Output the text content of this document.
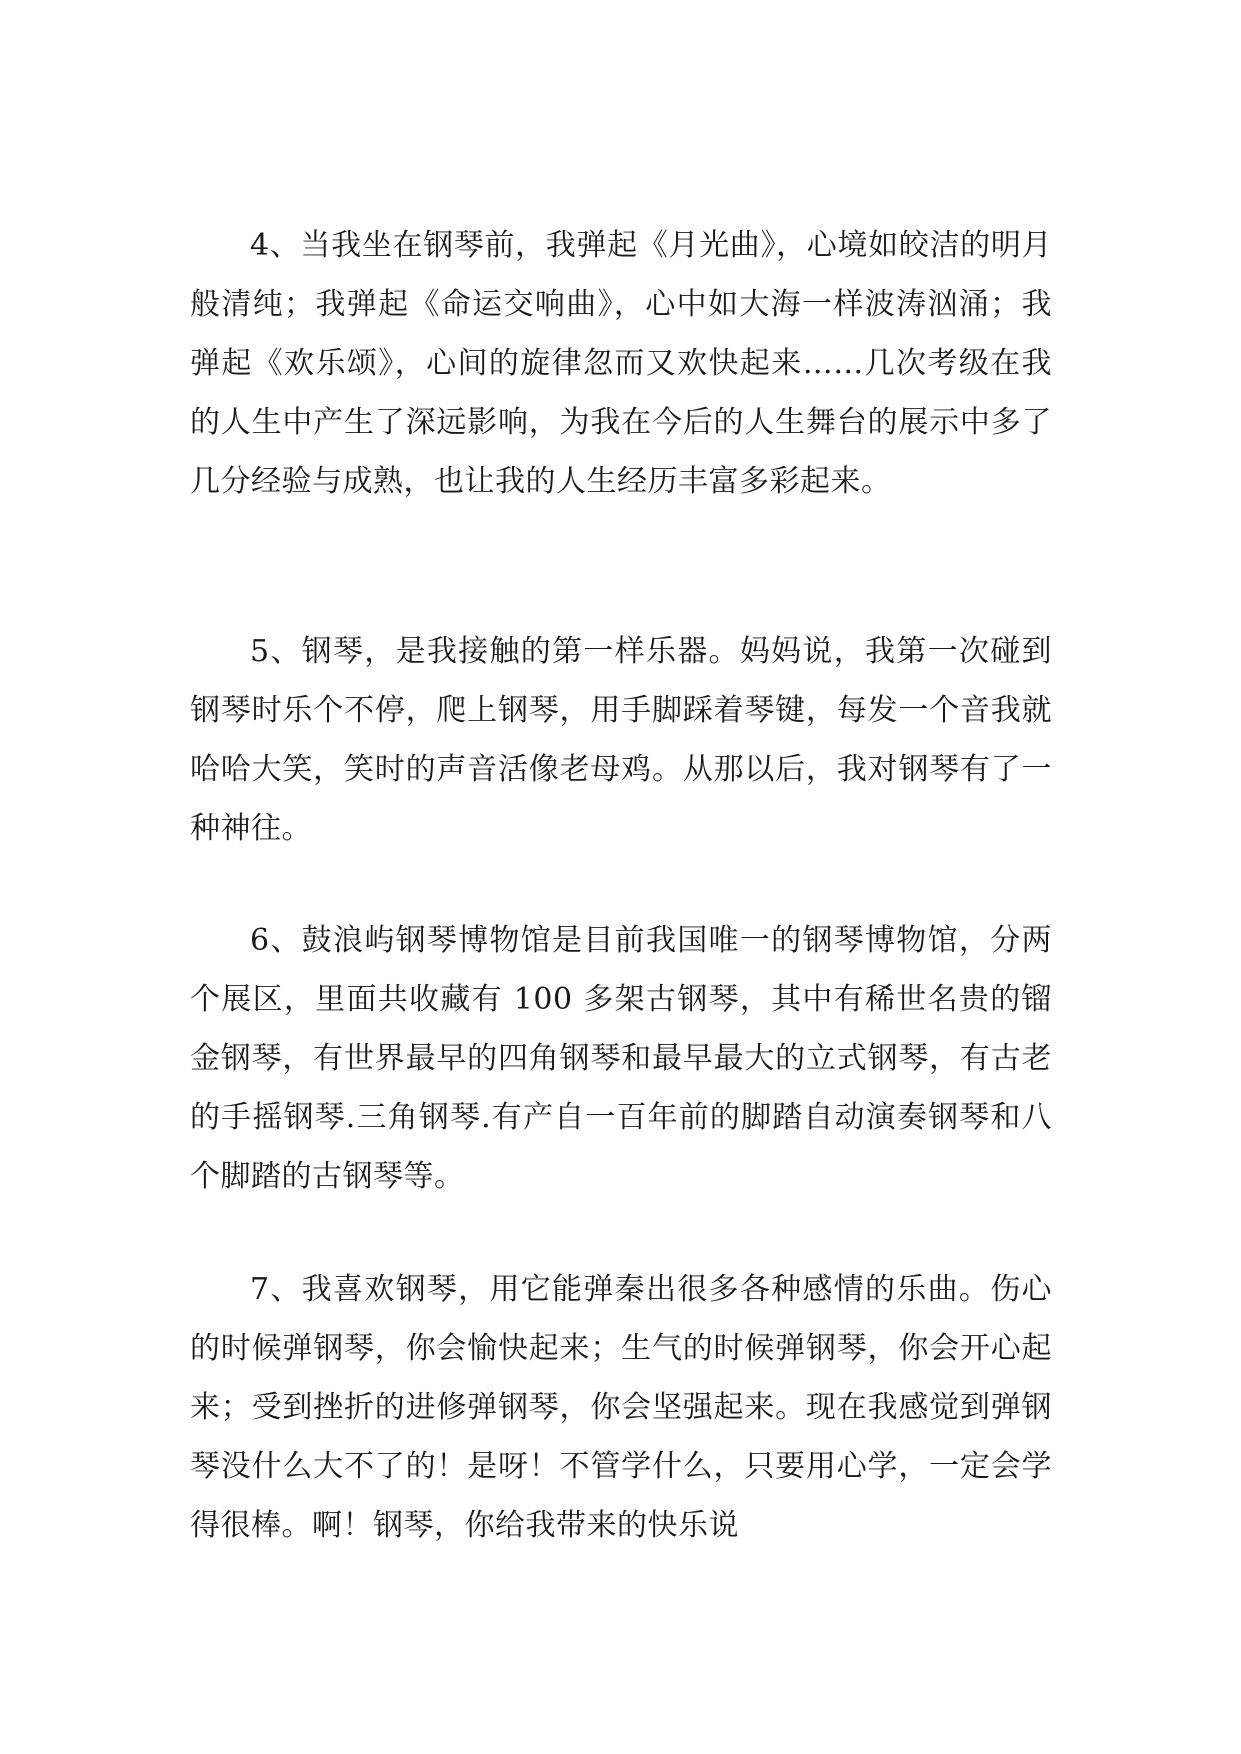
4、当我坐在钢琴前，我弹起《月光曲》，心境如皎洁的明月般清纯；我弹起《命运交响曲》，心中如大海一样波涛汹涌；我弹起《欢乐颂》，心间的旋律忽而又欢快起来……几次考级在我的人生中产生了深远影响，为我在今后的人生舞台的展示中多了几分经验与成熟，也让我的人生经历丰富多彩起来。

5、钢琴，是我接触的第一样乐器。妈妈说，我第一次碰到钢琴时乐个不停，爬上钢琴，用手脚踩着琴键，每发一个音我就哈哈大笑，笑时的声音活像老母鸡。从那以后，我对钢琴有了一种神往。

6、鼓浪屿钢琴博物馆是目前我国唯一的钢琴博物馆，分两个展区，里面共收藏有 100 多架古钢琴，其中有稀世名贵的镏金钢琴，有世界最早的四角钢琴和最早最大的立式钢琴，有古老的手摇钢琴.三角钢琴.有产自一百年前的脚踏自动演奏钢琴和八个脚踏的古钢琴等。

7、我喜欢钢琴，用它能弹秦出很多各种感情的乐曲。伤心的时候弹钢琴，你会愉快起来；生气的时候弹钢琴，你会开心起来；受到挫折的进修弹钢琴，你会坚强起来。现在我感觉到弹钢琴没什么大不了的！是呀！不管学什么，只要用心学，一定会学得很棒。啊！钢琴，你给我带来的快乐说
